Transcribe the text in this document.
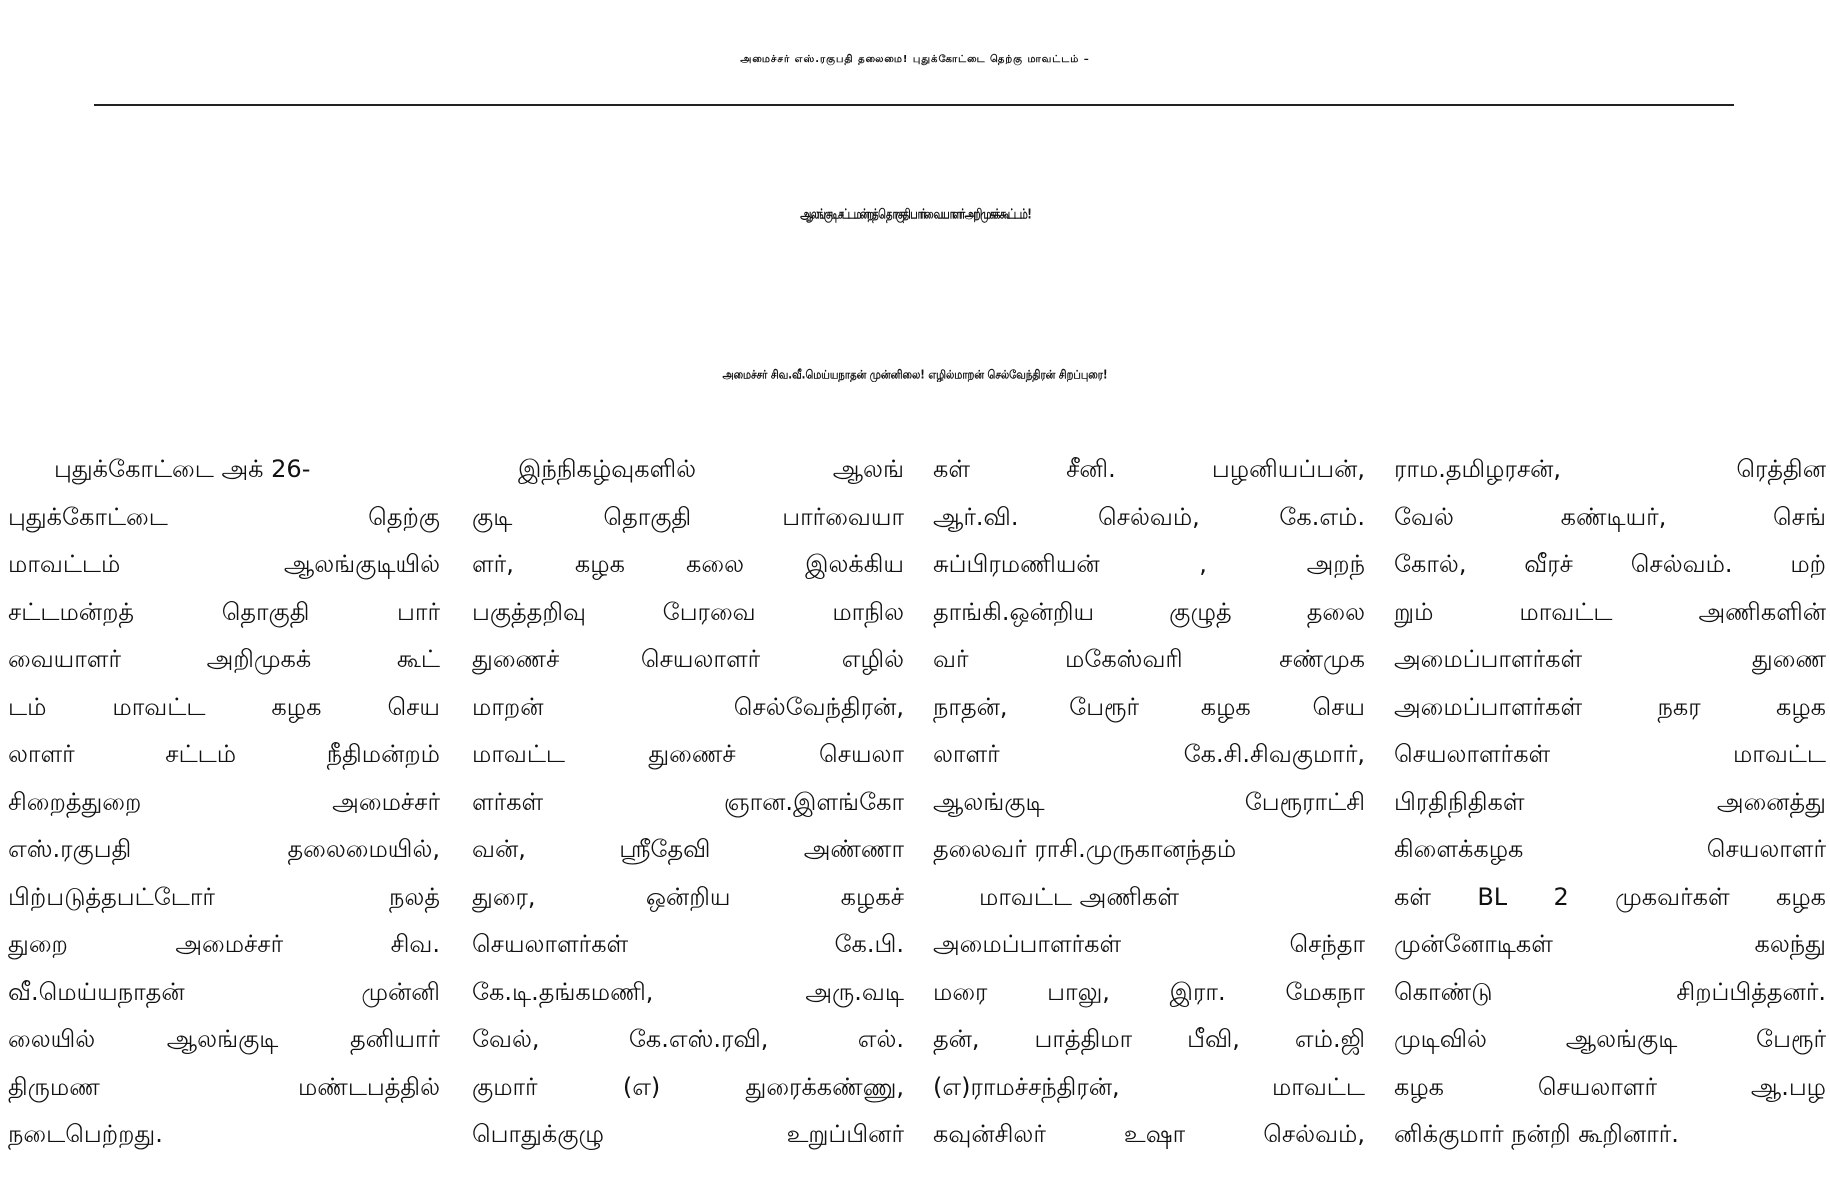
அமைச்சர் எஸ்.ரகுபதி தலைமை! புதுக்கோட்டை தெற்கு மாவட்டம் –
ஆலங்குடி சட்டமன்றத் தொகுதி பார்வையாளர் அறிமுகக் கூட்டம் !
அமைச்சர் சிவ.வீ.மெய்யநாதன் முன்னிலை! எழில்மாறன் செல்வேந்திரன் சிறப்புரை!
புதுக்கோட்டை அக் 26-
புதுக்கோட்டை தெற்கு
மாவட்டம் ஆலங்குடியில்
சட்டமன்றத் தொகுதி பார்
வையாளர் அறிமுகக் கூட்
டம் மாவட்ட கழக செய
லாளர் சட்டம் நீதிமன்றம்
சிறைத்துறை அமைச்சர்
எஸ்.ரகுபதி தலைமையில்,
பிற்படுத்தபட்டோர் நலத்
துறை அமைச்சர் சிவ.
வீ.மெய்யநாதன் முன்னி
லையில் ஆலங்குடி தனியார்
திருமண மண்டபத்தில்
நடைபெற்றது.
இந்நிகழ்வுகளில் ஆலங்
குடி தொகுதி பார்வையா
ளர், கழக கலை இலக்கிய
பகுத்தறிவு பேரவை மாநில
துணைச் செயலாளர் எழில்
மாறன் செல்வேந்திரன்,
மாவட்ட துணைச் செயலா
ளர்கள் ஞான.இளங்கோ
வன், ஸ்ரீதேவி அண்ணா
துரை, ஒன்றிய கழகச்
செயலாளர்கள் கே.பி.
கே.டி.தங்கமணி, அரு.வடி
வேல், கே.எஸ்.ரவி, எல்.
குமார் (எ) துரைக்கண்ணு,
பொதுக்குழு உறுப்பினர்
கள் சீனி. பழனியப்பன்,
ஆர்.வி. செல்வம், கே.எம்.
சுப்பிரமணியன் , அறந்
தாங்கி.ஒன்றிய குழுத் தலை
வர் மகேஸ்வரி சண்முக
நாதன், பேரூர் கழக செய
லாளர் கே.சி.சிவகுமார்,
ஆலங்குடி பேரூராட்சி
தலைவர் ராசி.முருகானந்தம்
மாவட்ட அணிகள்
அமைப்பாளர்கள் செந்தா
மரை பாலு, இரா. மேகநா
தன், பாத்திமா பீவி, எம்.ஜி
(எ)ராமச்சந்திரன், மாவட்ட
கவுன்சிலர் உஷா செல்வம்,
ராம.தமிழரசன், ரெத்தின
வேல் கண்டியர், செங்
கோல், வீரச் செல்வம். மற்
றும் மாவட்ட அணிகளின்
அமைப்பாளர்கள் துணை
அமைப்பாளர்கள் நகர கழக
செயலாளர்கள் மாவட்ட
பிரதிநிதிகள் அனைத்து
கிளைக்கழக செயலாளர்
கள் BL 2 முகவர்கள் கழக
முன்னோடிகள் கலந்து
கொண்டு சிறப்பித்தனர்.
முடிவில் ஆலங்குடி பேரூர்
கழக செயலாளர் ஆ.பழ
னிக்குமார் நன்றி கூறினார்.
